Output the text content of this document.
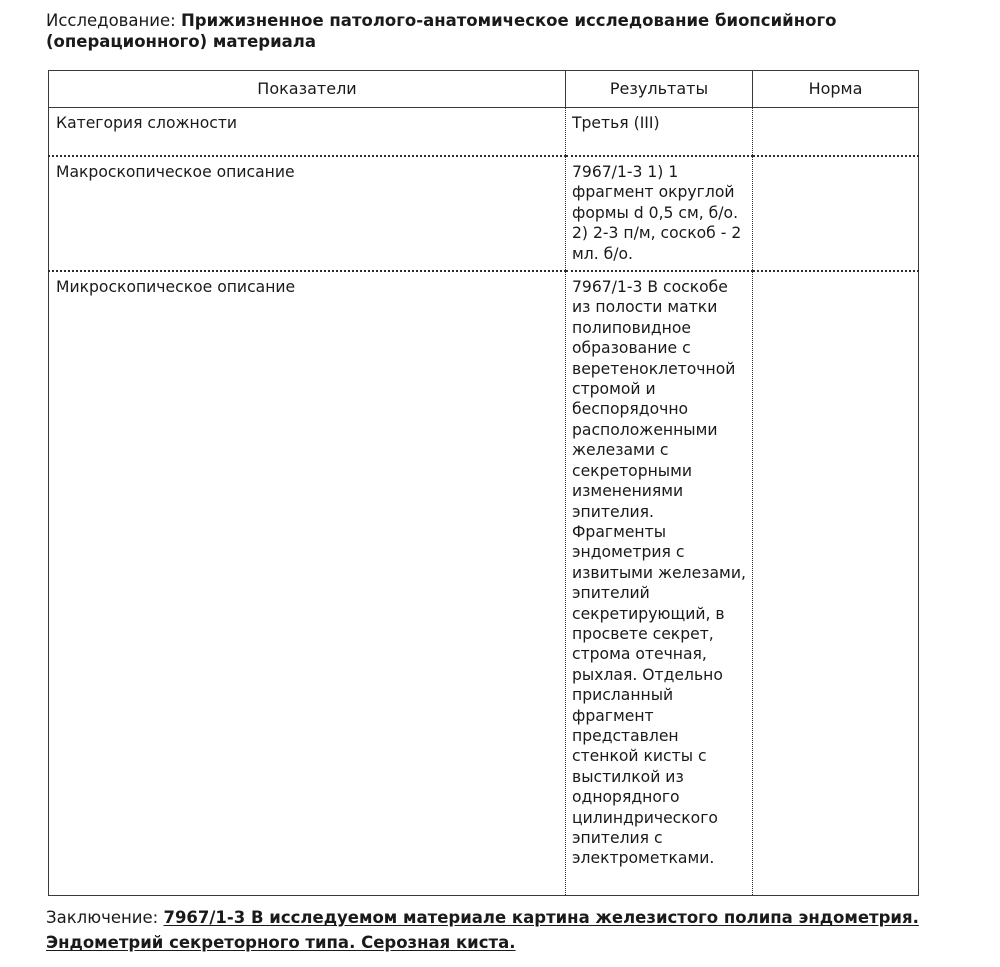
Исследование: Прижизненное патолого-анатомическое исследование биопсийного (операционного) материала
Показатели	Результаты	Норма

Категория сложности	Третья (III)	

Макроскопическое описание	7967/1-3 1) 1 фрагмент округлой формы d 0,5 см, б/о. 2) 2-3 п/м, соскоб - 2 мл. б/о.	

Микроскопическое описание	7967/1-3 В соскобе из полости матки полиповидное образование с веретеноклеточной стромой и беспорядочно расположенными железами с секреторными изменениями эпителия. Фрагменты эндометрия с извитыми железами, эпителий секретирующий, в просвете секрет, строма отечная, рыхлая. Отдельно присланный фрагмент представлен стенкой кисты с выстилкой из однорядного цилиндрического эпителия с электрометками.	

Заключение: 7967/1-3 В исследуемом материале картина железистого полипа эндометрия. Эндометрий секреторного типа. Серозная киста.
